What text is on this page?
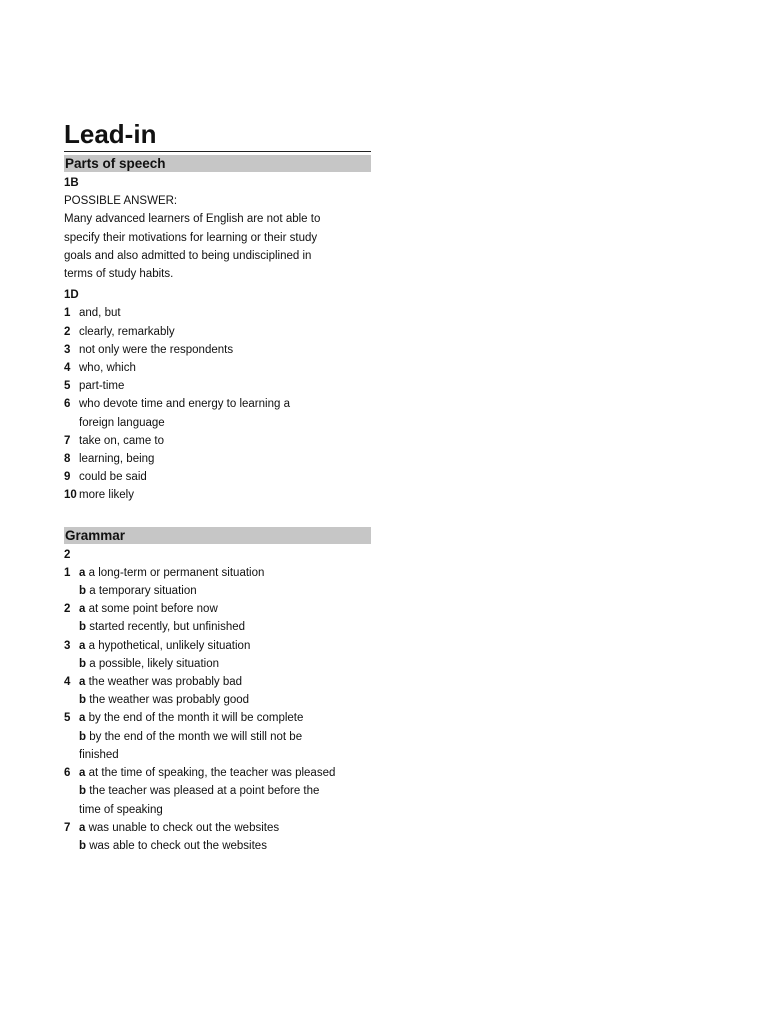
Lead-in
Parts of speech
1B
POSSIBLE ANSWER:
Many advanced learners of English are not able to
specify their motivations for learning or their study
goals and also admitted to being undisciplined in
terms of study habits.
1D
1 and, but
2 clearly, remarkably
3 not only were the respondents
4 who, which
5 part-time
6 who devote time and energy to learning a
foreign language
7 take on, came to
8 learning, being
9 could be said
10 more likely
Grammar
2
1 a a long-term or permanent situation
b a temporary situation
2 a at some point before now
b started recently, but unfinished
3 a a hypothetical, unlikely situation
b a possible, likely situation
4 a the weather was probably bad
b the weather was probably good
5 a by the end of the month it will be complete
b by the end of the month we will still not be
finished
6 a at the time of speaking, the teacher was pleased
b the teacher was pleased at a point before the
time of speaking
7 a was unable to check out the websites
b was able to check out the websites
